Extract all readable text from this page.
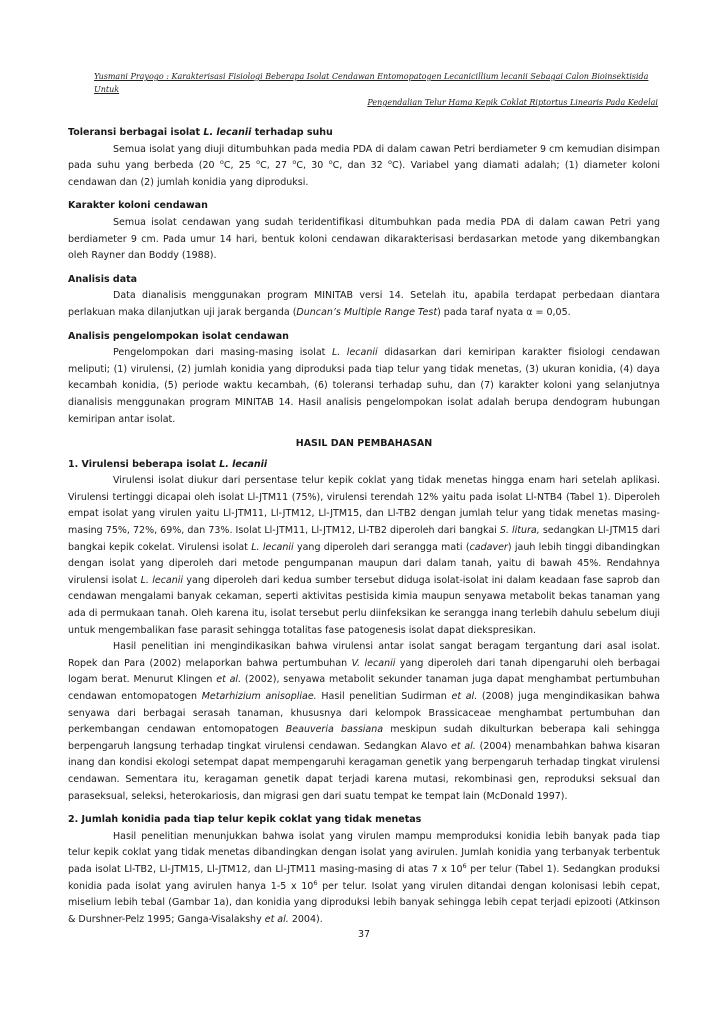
Yusmani Prayogo : Karakterisasi Fisiologi Beberapa Isolat Cendawan Entomopatogen Lecanicillium lecanii Sebagai Calon Bioinsektisida Untuk
Pengendalian Telur Hama Kepik Coklat Riptortus Linearis Pada Kedelai
Toleransi berbagai isolat L. lecanii terhadap suhu

Semua isolat yang diuji ditumbuhkan pada media PDA di dalam cawan Petri berdiameter 9 cm kemudian disimpan pada suhu yang berbeda (20 $^o$C, 25 $^o$C, 27 $^o$C, 30 $^o$C, dan 32 $^o$C). Variabel yang diamati adalah; (1) diameter koloni cendawan dan (2) jumlah konidia yang diproduksi.

Karakter koloni cendawan

Semua isolat cendawan yang sudah teridentifikasi ditumbuhkan pada media PDA di dalam cawan Petri yang berdiameter 9 cm. Pada umur 14 hari, bentuk koloni cendawan dikarakterisasi berdasarkan metode yang dikembangkan oleh Rayner dan Boddy (1988).

Analisis data

Data dianalisis menggunakan program MINITAB versi 14. Setelah itu, apabila terdapat perbedaan diantara perlakuan maka dilanjutkan uji jarak berganda (Duncan’s Multiple Range Test) pada taraf nyata α = 0,05.

Analisis pengelompokan isolat cendawan

Pengelompokan dari masing-masing isolat L. lecanii didasarkan dari kemiripan karakter fisiologi cendawan meliputi; (1) virulensi, (2) jumlah konidia yang diproduksi pada tiap telur yang tidak menetas, (3) ukuran konidia, (4) daya kecambah konidia, (5) periode waktu kecambah, (6) toleransi terhadap suhu, dan (7) karakter koloni yang selanjutnya dianalisis menggunakan program MINITAB 14. Hasil analisis pengelompokan isolat adalah berupa dendogram hubungan kemiripan antar isolat.

HASIL DAN PEMBAHASAN
1. Virulensi beberapa isolat L. lecanii

Virulensi isolat diukur dari persentase telur kepik coklat yang tidak menetas hingga enam hari setelah aplikasi. Virulensi tertinggi dicapai oleh isolat Ll-JTM11 (75%), virulensi terendah 12% yaitu pada isolat Ll-NTB4 (Tabel 1). Diperoleh empat isolat yang virulen yaitu Ll-JTM11, Ll-JTM12, Ll-JTM15, dan Ll-TB2 dengan jumlah telur yang tidak menetas masing-masing 75%, 72%, 69%, dan 73%. Isolat Ll-JTM11, Ll-JTM12, Ll-TB2 diperoleh dari bangkai S. litura, sedangkan Ll-JTM15 dari bangkai kepik cokelat. Virulensi isolat L. lecanii yang diperoleh dari serangga mati (cadaver) jauh lebih tinggi dibandingkan dengan isolat yang diperoleh dari metode pengumpanan maupun dari dalam tanah, yaitu di bawah 45%. Rendahnya virulensi isolat L. lecanii yang diperoleh dari kedua sumber tersebut diduga isolat-isolat ini dalam keadaan fase saprob dan cendawan mengalami banyak cekaman, seperti aktivitas pestisida kimia maupun senyawa metabolit bekas tanaman yang ada di permukaan tanah. Oleh karena itu, isolat tersebut perlu diinfeksikan ke serangga inang terlebih dahulu sebelum diuji untuk mengembalikan fase parasit sehingga totalitas fase patogenesis isolat dapat diekspresikan.

Hasil penelitian ini mengindikasikan bahwa virulensi antar isolat sangat beragam tergantung dari asal isolat. Ropek dan Para (2002) melaporkan bahwa pertumbuhan V. lecanii yang diperoleh dari tanah dipengaruhi oleh berbagai logam berat. Menurut Klingen et al. (2002), senyawa metabolit sekunder tanaman juga dapat menghambat pertumbuhan cendawan entomopatogen Metarhizium anisopliae. Hasil penelitian Sudirman et al. (2008) juga mengindikasikan bahwa senyawa dari berbagai serasah tanaman, khususnya dari kelompok Brassicaceae menghambat pertumbuhan dan perkembangan cendawan entomopatogen Beauveria bassiana meskipun sudah dikulturkan beberapa kali sehingga berpengaruh langsung terhadap tingkat virulensi cendawan. Sedangkan Alavo et al. (2004) menambahkan bahwa kisaran inang dan kondisi ekologi setempat dapat mempengaruhi keragaman genetik yang berpengaruh terhadap tingkat virulensi cendawan. Sementara itu, keragaman genetik dapat terjadi karena mutasi, rekombinasi gen, reproduksi seksual dan paraseksual, seleksi, heterokariosis, dan migrasi gen dari suatu tempat ke tempat lain (McDonald 1997).

2. Jumlah konidia pada tiap telur kepik coklat yang tidak menetas

Hasil penelitian menunjukkan bahwa isolat yang virulen mampu memproduksi konidia lebih banyak pada tiap telur kepik coklat yang tidak menetas dibandingkan dengan isolat yang avirulen. Jumlah konidia yang terbanyak terbentuk pada isolat Ll-TB2, Ll-JTM15, Ll-JTM12, dan Ll-JTM11 masing-masing di atas 7 x $10^6$ per telur (Tabel 1). Sedangkan produksi konidia pada isolat yang avirulen hanya 1-5 x $10^6$ per telur. Isolat yang virulen ditandai dengan kolonisasi lebih cepat, miselium lebih tebal (Gambar 1a), dan konidia yang diproduksi lebih banyak sehingga lebih cepat terjadi epizooti (Atkinson & Durshner-Pelz 1995; Ganga-Visalakshy et al. 2004).

37
